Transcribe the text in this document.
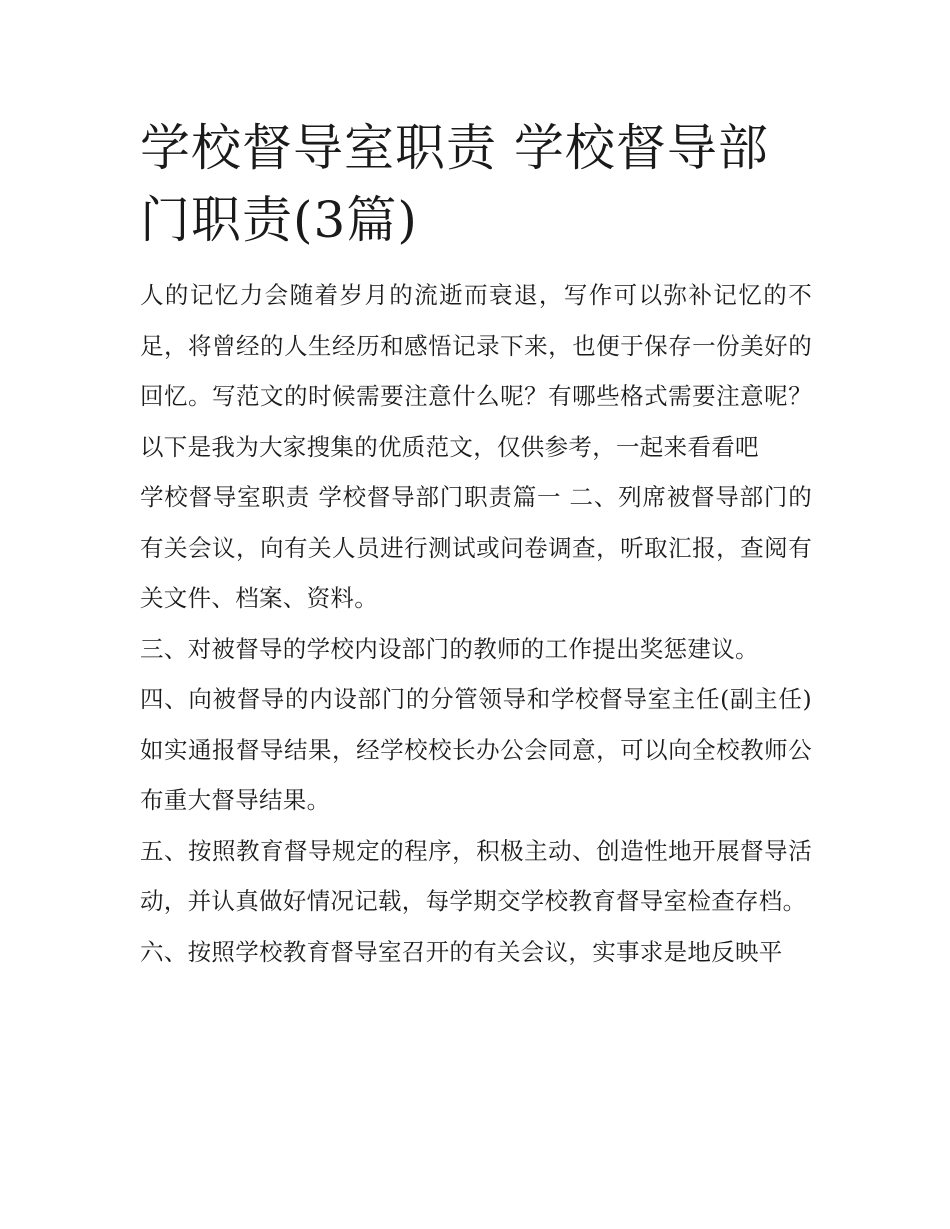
学校督导室职责 学校督导部门职责(3篇)

人的记忆力会随着岁月的流逝而衰退，写作可以弥补记忆的不足，将曾经的人生经历和感悟记录下来，也便于保存一份美好的回忆。写范文的时候需要注意什么呢？有哪些格式需要注意呢？以下是我为大家搜集的优质范文，仅供参考，一起来看看吧

学校督导室职责 学校督导部门职责篇一 二、列席被督导部门的有关会议，向有关人员进行测试或问卷调查，听取汇报，查阅有关文件、档案、资料。

三、对被督导的学校内设部门的教师的工作提出奖惩建议。

四、向被督导的内设部门的分管领导和学校督导室主任(副主任)如实通报督导结果，经学校校长办公会同意，可以向全校教师公布重大督导结果。

五、按照教育督导规定的程序，积极主动、创造性地开展督导活动，并认真做好情况记载，每学期交学校教育督导室检查存档。

六、按照学校教育督导室召开的有关会议，实事求是地反映平
